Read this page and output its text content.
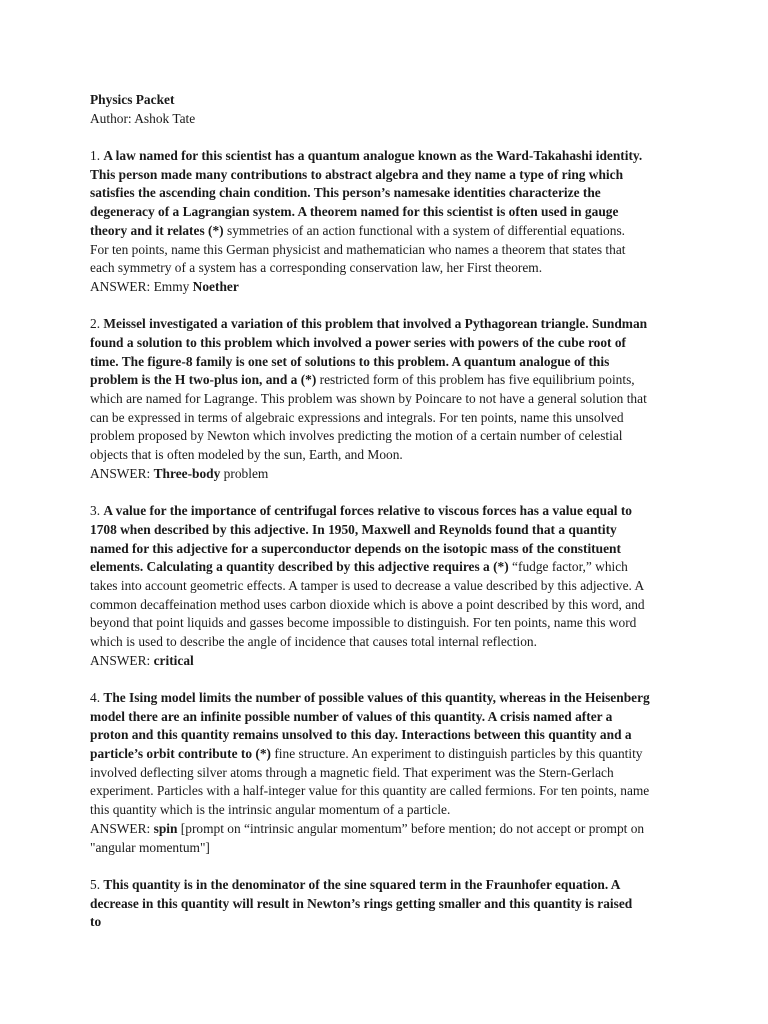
Physics Packet
Author: Ashok Tate
1. A law named for this scientist has a quantum analogue known as the Ward-Takahashi identity.
This person made many contributions to abstract algebra and they name a type of ring which
satisfies the ascending chain condition. This person’s namesake identities characterize the
degeneracy of a Lagrangian system. A theorem named for this scientist is often used in gauge
theory and it relates (*) symmetries of an action functional with a system of differential equations.
For ten points, name this German physicist and mathematician who names a theorem that states that
each symmetry of a system has a corresponding conservation law, her First theorem.
ANSWER: Emmy Noether
2. Meissel investigated a variation of this problem that involved a Pythagorean triangle. Sundman
found a solution to this problem which involved a power series with powers of the cube root of
time. The figure-8 family is one set of solutions to this problem. A quantum analogue of this
problem is the H two-plus ion, and a (*) restricted form of this problem has five equilibrium points,
which are named for Lagrange. This problem was shown by Poincare to not have a general solution that
can be expressed in terms of algebraic expressions and integrals. For ten points, name this unsolved
problem proposed by Newton which involves predicting the motion of a certain number of celestial
objects that is often modeled by the sun, Earth, and Moon.
ANSWER: Three-body problem
3. A value for the importance of centrifugal forces relative to viscous forces has a value equal to
1708 when described by this adjective. In 1950, Maxwell and Reynolds found that a quantity
named for this adjective for a superconductor depends on the isotopic mass of the constituent
elements. Calculating a quantity described by this adjective requires a (*) “fudge factor,” which
takes into account geometric effects. A tamper is used to decrease a value described by this adjective. A
common decaffeination method uses carbon dioxide which is above a point described by this word, and
beyond that point liquids and gasses become impossible to distinguish. For ten points, name this word
which is used to describe the angle of incidence that causes total internal reflection.
ANSWER: critical
4. The Ising model limits the number of possible values of this quantity, whereas in the Heisenberg
model there are an infinite possible number of values of this quantity. A crisis named after a
proton and this quantity remains unsolved to this day. Interactions between this quantity and a
particle’s orbit contribute to (*) fine structure. An experiment to distinguish particles by this quantity
involved deflecting silver atoms through a magnetic field. That experiment was the Stern-Gerlach
experiment. Particles with a half-integer value for this quantity are called fermions. For ten points, name
this quantity which is the intrinsic angular momentum of a particle.
ANSWER: spin [prompt on “intrinsic angular momentum” before mention; do not accept or prompt on
"angular momentum"]
5. This quantity is in the denominator of the sine squared term in the Fraunhofer equation. A
decrease in this quantity will result in Newton’s rings getting smaller and this quantity is raised
to
